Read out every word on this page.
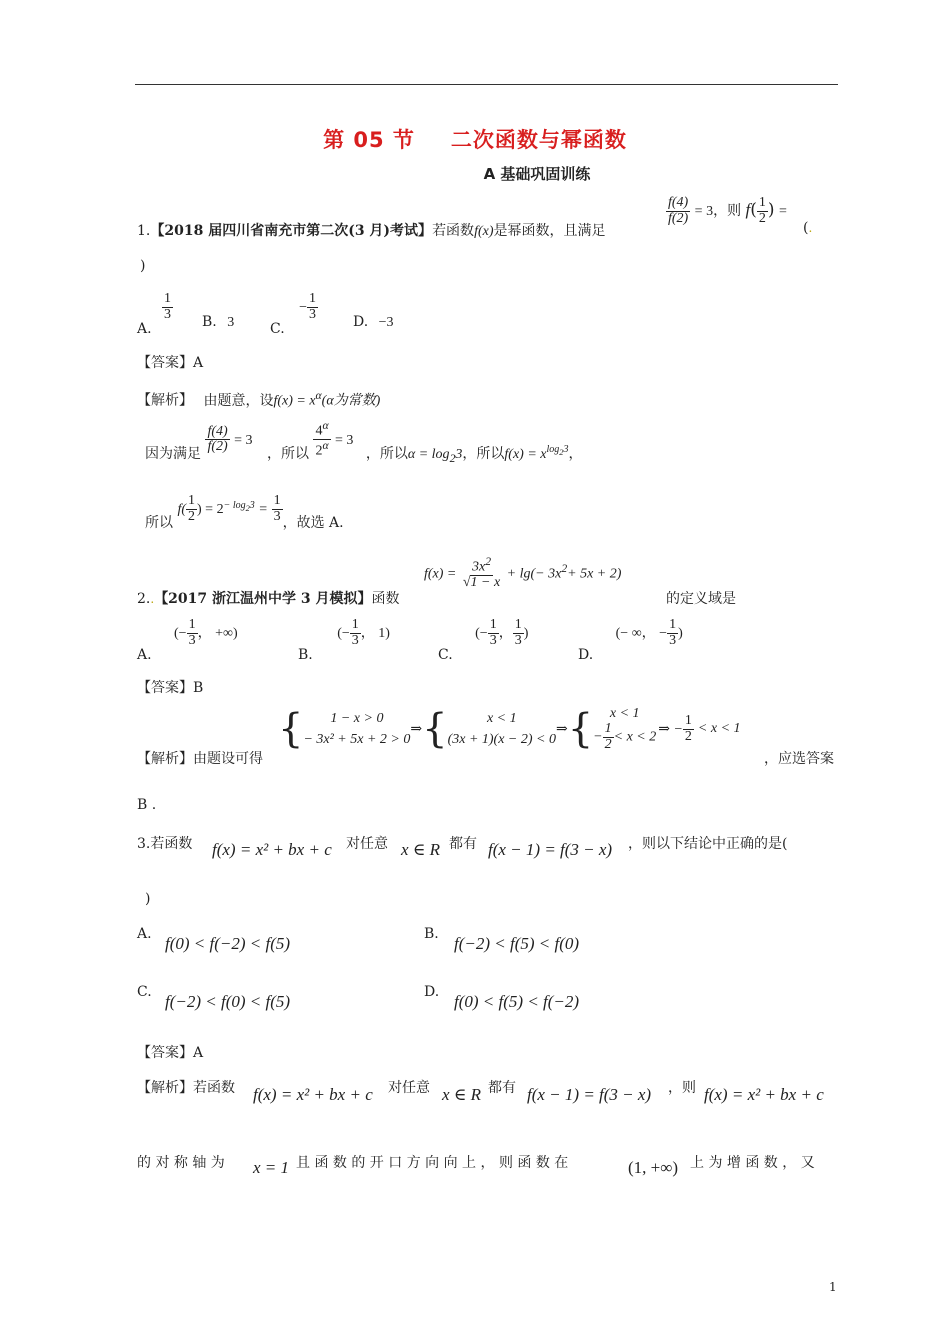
第 05 节 二次函数与幂函数
A 基础巩固训练
1.【2018 届四川省南充市第二次(3 月)考试】若函数f(x)是幂函数，且满足
$\frac{f(4)}{f(2)} = 3$，则 $f( \frac{1}{2}$ ) =
(.
)
A.
$\frac{1}{3} B$. 3	C. − $\frac{1}{3} D$. −3
【答案】A
【解析】 由题意，设$f(x) = x^\alpha(\alpha$为常数)
因为满足 $\frac{f(4)}{f(2)} = 3$ ，所以 $\frac{4^\alpha}{2^\alpha} = 3$ ，所以$\alpha = \log_23$，所以$f(x) = x^{log_23}$，
所以 $f( \frac{1}{2}$ ) = $2^{- log_23} = \frac{1}{3}$ ，故选 A.
2..【2017 浙江温州中学 3 月模拟】函数
$f(x) = \frac{3x^2}{√1 - x} + \lg(- 3x^2+ 5x + 2)$
的定义域是
A. (− $\frac{1}{3}$ ， +∞)
B. (− $\frac{1}{3}$ ， 1)
C. (− $\frac{1}{3}$ ， $\frac{1}{3}$ )
D. (− ∞， − $\frac{1}{3}$ )
【答案】B
【解析】由题设可得
{ 1 − x > 0
− 3x² + 5x + 2 > 0
⇒ {	x < 1
(3x + 1)(x − 2) < 0
⇒ { x < 1
− $\frac{1}{2} < x < 2$
⇒ − $\frac{1}{2} < x < 1$
，应选答案
B .
3.若函数 f(x) = x² + bx + c 对任意 x ∈ R 都有 f(x − 1) = f(3 − x) ，则以下结论中正确的是(
)
A. f(0) < f(−2) < f(5)	B. f(−2) < f(5) < f(0)
C. f(−2) < f(0) < f(5)	D. f(0) < f(5) < f(−2)
【答案】A
【解析】若函数 f(x) = x² + bx + c 对任意 x ∈ R 都有 f(x − 1) = f(3 − x) ，则 f(x) = x² + bx + c
的 对 称 轴 为 x = 1 且 函 数 的 开 口 方 向 向 上 ， 则 函 数 在	(1, +∞) 上 为 增 函 数 ， 又
1
